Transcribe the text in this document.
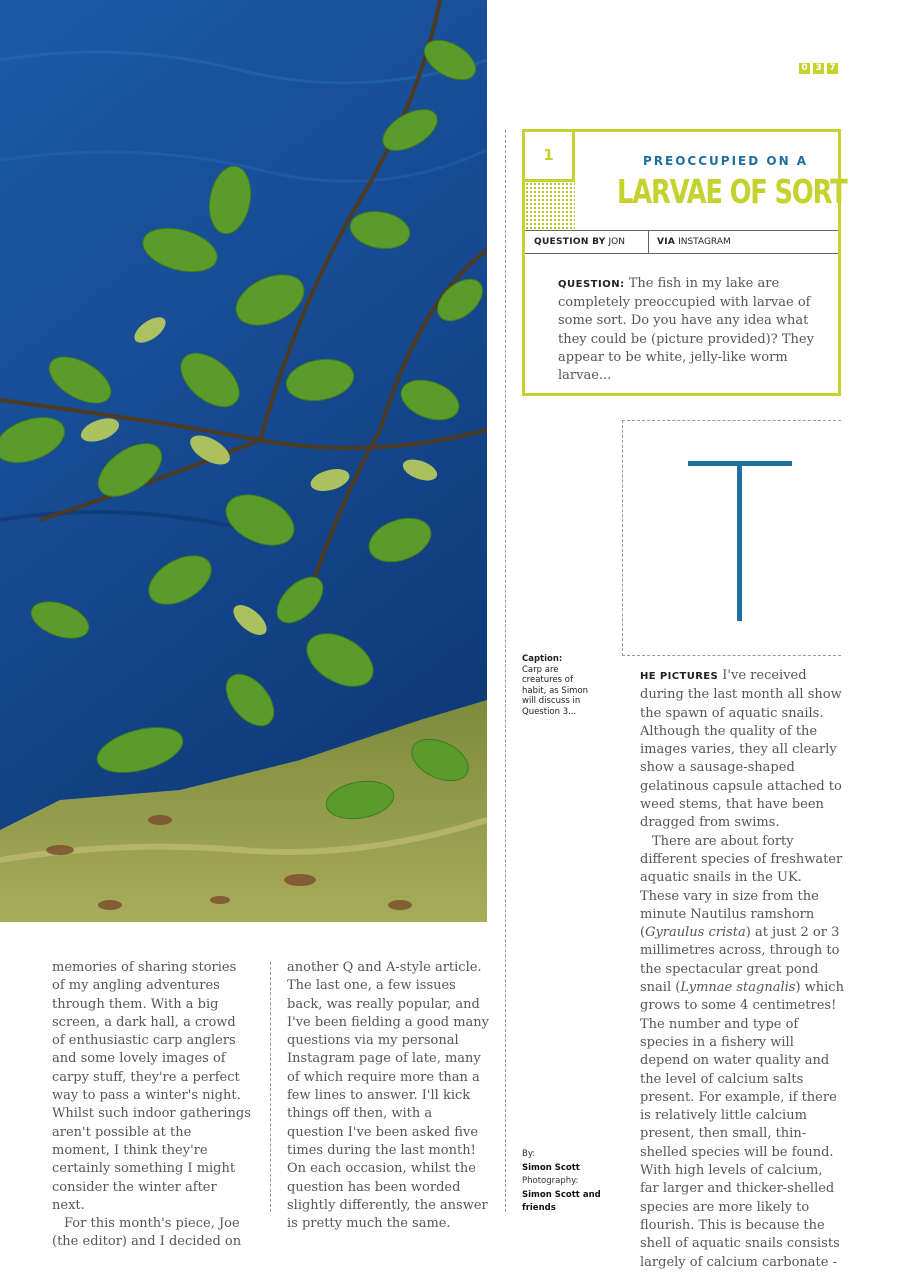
0 3 7
1	PREOCCUPIED ON A
LARVAE OF SORT
QUESTION BY JON	VIA INSTAGRAM
QUESTION: The fish in my lake are completely preoccupied with larvae of some sort. Do you have any idea what they could be (picture provided)? They appear to be white, jelly-like worm larvae...
Caption:
Carp are creatures of habit, as Simon will discuss in Question 3...
By:
Simon Scott
Photography:
Simon Scott and friends

memories of sharing stories of my angling adventures through them. With a big screen, a dark hall, a crowd of enthusiastic carp anglers and some lovely images of carpy stuff, they're a perfect way to pass a winter's night. Whilst such indoor gatherings aren't possible at the moment, I think they're certainly something I might consider the winter after next.

For this month's piece, Joe (the editor) and I decided on

another Q and A-style article. The last one, a few issues back, was really popular, and I've been fielding a good many questions via my personal Instagram page of late, many of which require more than a few lines to answer. I'll kick things off then, with a question I've been asked five times during the last month! On each occasion, whilst the question has been worded slightly differently, the answer is pretty much the same.

HE PICTURES I've received during the last month all show the spawn of aquatic snails. Although the quality of the images varies, they all clearly show a sausage-shaped gelatinous capsule attached to weed stems, that have been dragged from swims.

There are about forty different species of freshwater aquatic snails in the UK. These vary in size from the minute Nautilus ramshorn (Gyraulus crista) at just 2 or 3 millimetres across, through to the spectacular great pond snail (Lymnae stagnalis) which grows to some 4 centimetres! The number and type of species in a fishery will depend on water quality and the level of calcium salts present. For example, if there is relatively little calcium present, then small, thin-shelled species will be found. With high levels of calcium, far larger and thicker-shelled species are more likely to flourish. This is because the shell of aquatic snails consists largely of calcium carbonate -
